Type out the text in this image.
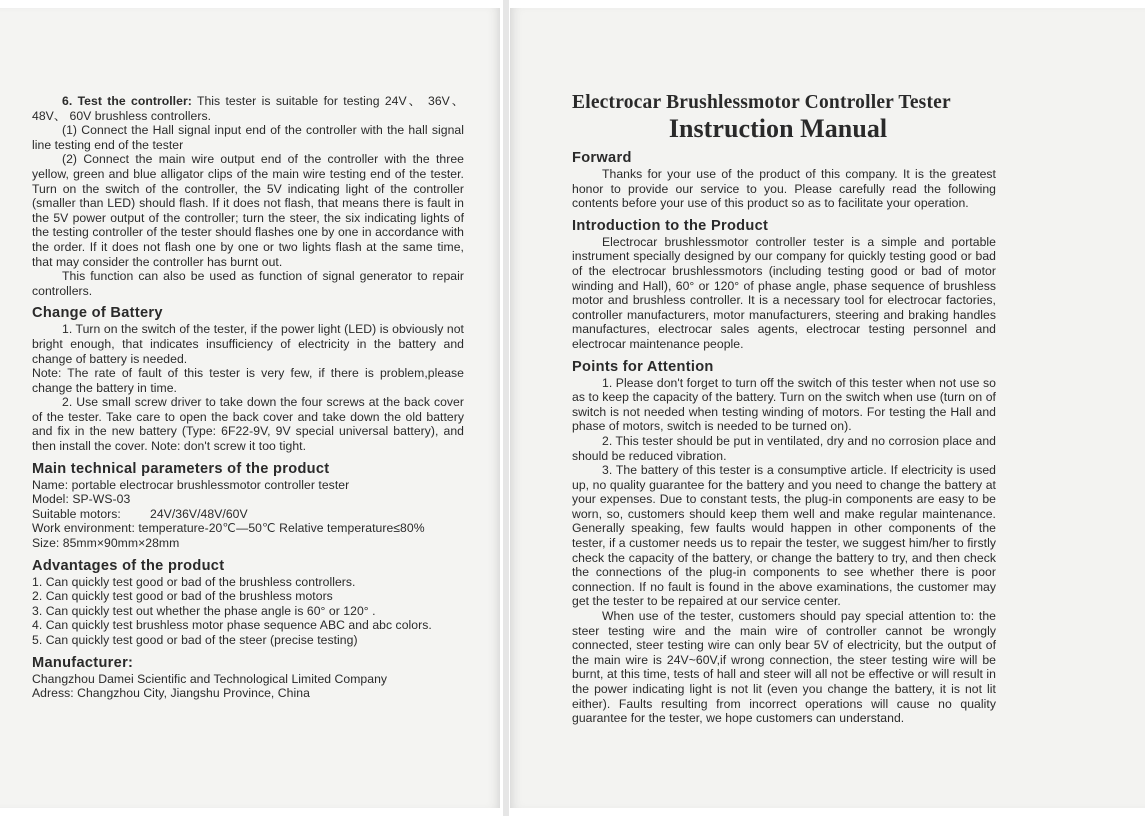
6. Test the controller: This tester is suitable for testing 24V、 36V、 48V、 60V brushless controllers.

(1) Connect the Hall signal input end of the controller with the hall signal line testing end of the tester

(2) Connect the main wire output end of the controller with the three yellow, green and blue alligator clips of the main wire testing end of the tester. Turn on the switch of the controller, the 5V indicating light of the controller (smaller than LED) should flash. If it does not flash, that means there is fault in the 5V power output of the controller; turn the steer, the six indicating lights of the testing controller of the tester should flashes one by one in accordance with the order. If it does not flash one by one or two lights flash at the same time, that may consider the controller has burnt out.

This function can also be used as function of signal generator to repair controllers.

Change of Battery

1. Turn on the switch of the tester, if the power light (LED) is obviously not bright enough, that indicates insufficiency of electricity in the battery and change of battery is needed.

Note: The rate of fault of this tester is very few, if there is problem,please change the battery in time.

2. Use small screw driver to take down the four screws at the back cover of the tester. Take care to open the back cover and take down the old battery and fix in the new battery (Type: 6F22-9V, 9V special universal battery), and then install the cover. Note: don't screw it too tight.

Main technical parameters of the product
Name: portable electrocar brushlessmotor controller tester
Model: SP-WS-03
Suitable motors: 24V/36V/48V/60V
Work environment: temperature-20℃—50℃ Relative temperature≤80%
Size: 85mm×90mm×28mm
Advantages of the product
1. Can quickly test good or bad of the brushless controllers.
2. Can quickly test good or bad of the brushless motors
3. Can quickly test out whether the phase angle is 60° or 120° .
4. Can quickly test brushless motor phase sequence ABC and abc colors.
5. Can quickly test good or bad of the steer (precise testing)
Manufacturer:
Changzhou Damei Scientific and Technological Limited Company
Adress: Changzhou City, Jiangshu Province, China
Electrocar Brushlessmotor Controller Tester
Instruction Manual
Forward

Thanks for your use of the product of this company. It is the greatest honor to provide our service to you. Please carefully read the following contents before your use of this product so as to facilitate your operation.

Introduction to the Product

Electrocar brushlessmotor controller tester is a simple and portable instrument specially designed by our company for quickly testing good or bad of the electrocar brushlessmotors (including testing good or bad of motor winding and Hall), 60° or 120° of phase angle, phase sequence of brushless motor and brushless controller. It is a necessary tool for electrocar factories, controller manufacturers, motor manufacturers, steering and braking handles manufactures, electrocar sales agents, electrocar testing personnel and electrocar maintenance people.

Points for Attention

1. Please don't forget to turn off the switch of this tester when not use so as to keep the capacity of the battery. Turn on the switch when use (turn on of switch is not needed when testing winding of motors. For testing the Hall and phase of motors, switch is needed to be turned on).

2. This tester should be put in ventilated, dry and no corrosion place and should be reduced vibration.

3. The battery of this tester is a consumptive article. If electricity is used up, no quality guarantee for the battery and you need to change the battery at your expenses. Due to constant tests, the plug-in components are easy to be worn, so, customers should keep them well and make regular maintenance. Generally speaking, few faults would happen in other components of the tester, if a customer needs us to repair the tester, we suggest him/her to firstly check the capacity of the battery, or change the battery to try, and then check the connections of the plug-in components to see whether there is poor connection. If no fault is found in the above examinations, the customer may get the tester to be repaired at our service center.

When use of the tester, customers should pay special attention to: the steer testing wire and the main wire of controller cannot be wrongly connected, steer testing wire can only bear 5V of electricity, but the output of the main wire is 24V~60V,if wrong connection, the steer testing wire will be burnt, at this time, tests of hall and steer will all not be effective or will result in the power indicating light is not lit (even you change the battery, it is not lit either). Faults resulting from incorrect operations will cause no quality guarantee for the tester, we hope customers can understand.
